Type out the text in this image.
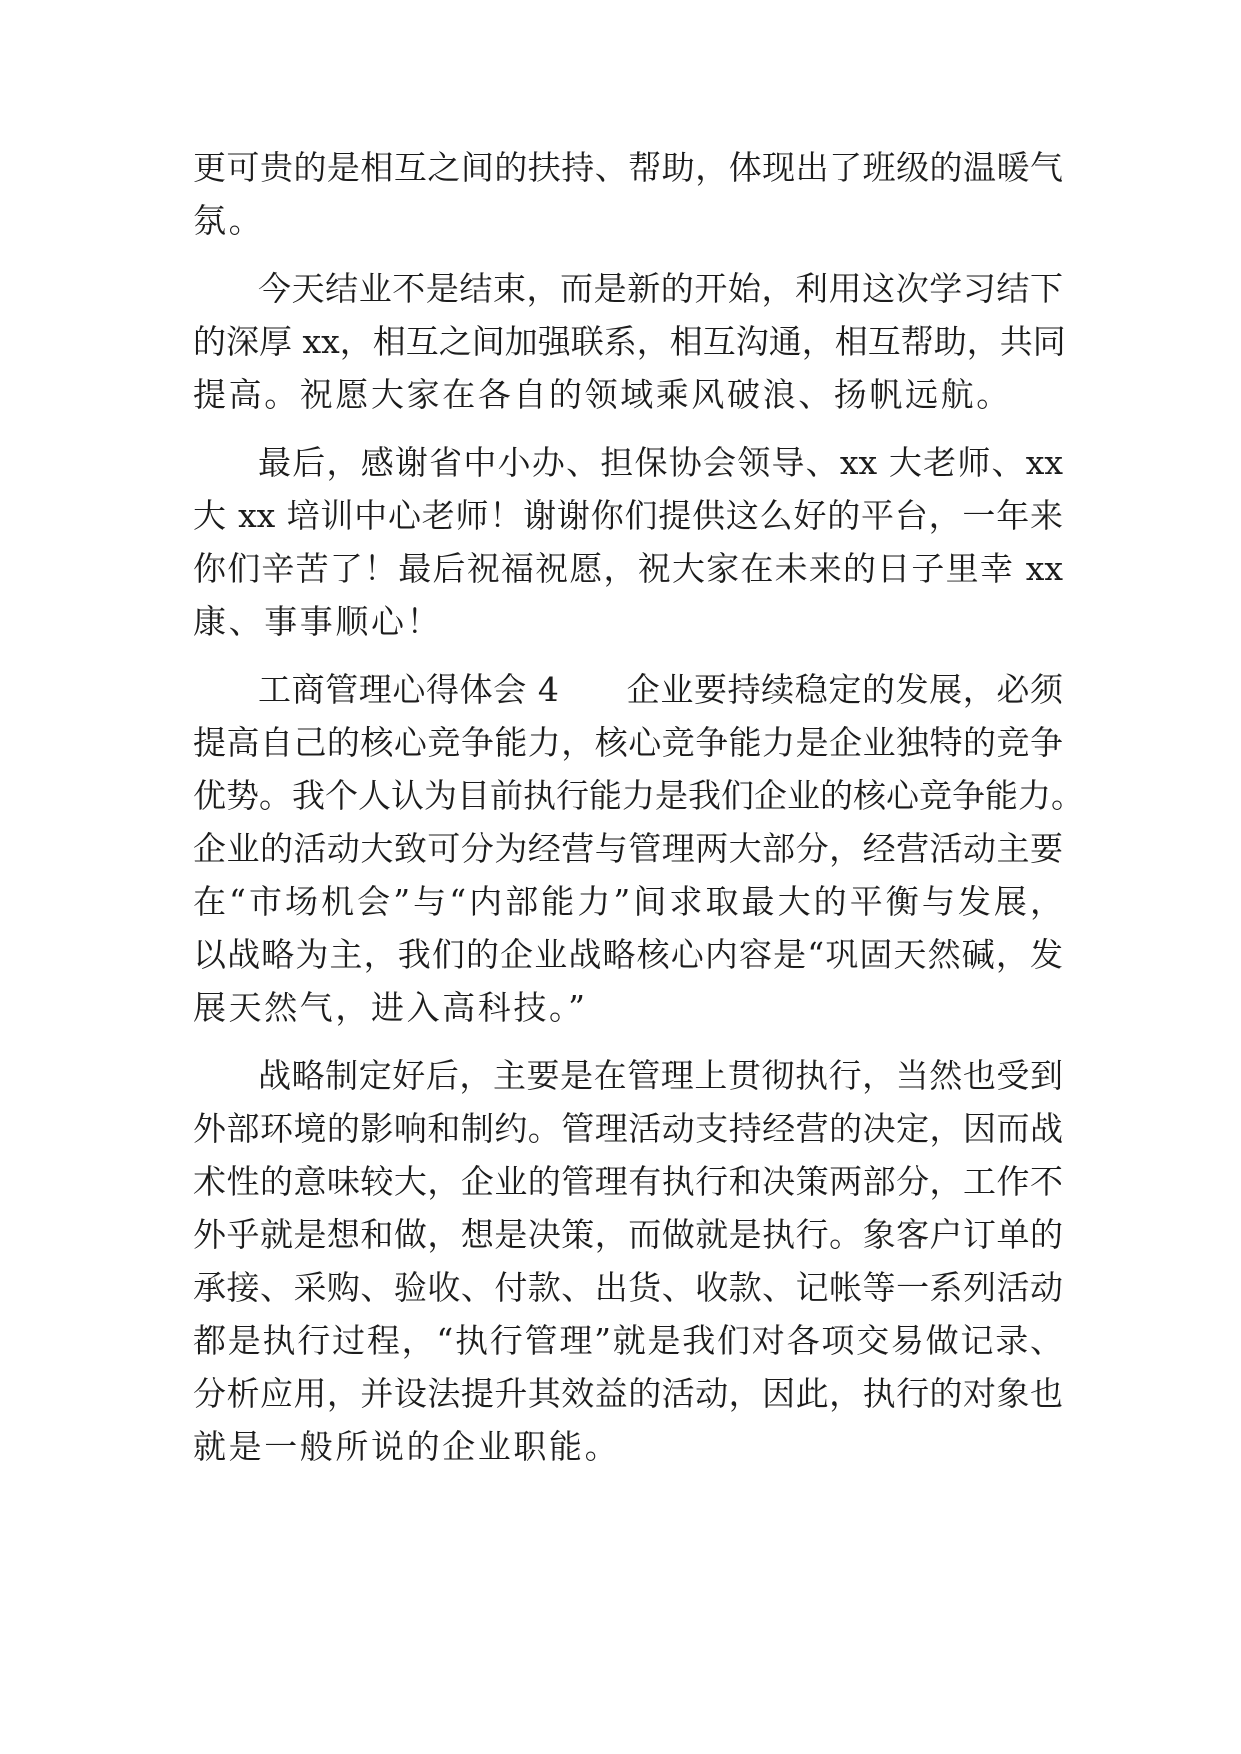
更可贵的是相互之间的扶持、帮助，体现出了班级的温暖气
氛。
今天结业不是结束，而是新的开始，利用这次学习结下
的深厚 xx，相互之间加强联系，相互沟通，相互帮助，共同
提高。祝愿大家在各自的领域乘风破浪、扬帆远航。
最后，感谢省中小办、担保协会领导、xx 大老师、xx
大 xx 培训中心老师！谢谢你们提供这么好的平台，一年来
你们辛苦了！最后祝福祝愿，祝大家在未来的日子里幸 xx
康、事事顺心！
工商管理心得体会 4　　企业要持续稳定的发展，必须
提高自己的核心竞争能力，核心竞争能力是企业独特的竞争
优势。我个人认为目前执行能力是我们企业的核心竞争能力。
企业的活动大致可分为经营与管理两大部分，经营活动主要
在“市场机会”与“内部能力”间求取最大的平衡与发展，
以战略为主，我们的企业战略核心内容是“巩固天然碱，发
展天然气，进入高科技。”
战略制定好后，主要是在管理上贯彻执行，当然也受到
外部环境的影响和制约。管理活动支持经营的决定，因而战
术性的意味较大，企业的管理有执行和决策两部分，工作不
外乎就是想和做，想是决策，而做就是执行。象客户订单的
承接、采购、验收、付款、出货、收款、记帐等一系列活动
都是执行过程，“执行管理”就是我们对各项交易做记录、
分析应用，并设法提升其效益的活动，因此，执行的对象也
就是一般所说的企业职能。
